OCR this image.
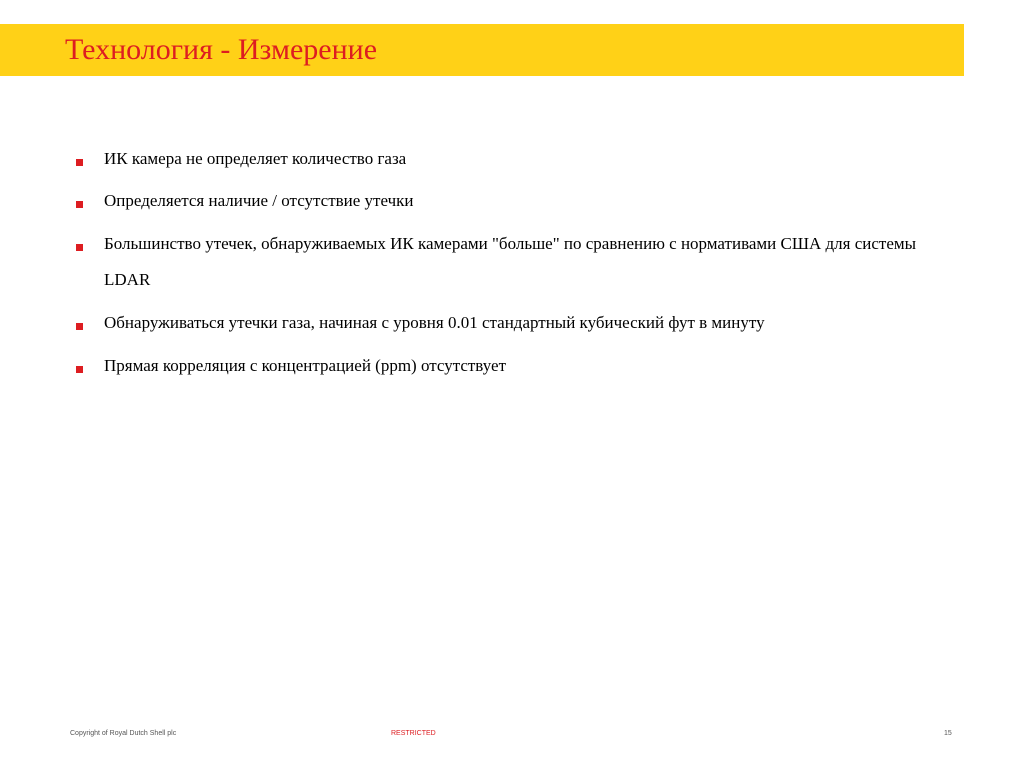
Технология - Измерение
ИК камера не определяет количество газа
Определяется наличие / отсутствие утечки
Большинство утечек, обнаруживаемых ИК камерами "больше" по сравнению с нормативами США для системы LDAR
Обнаруживаться утечки газа, начиная с уровня 0.01 стандартный кубический фут в минуту
Прямая корреляция с концентрацией (ppm) отсутствует
Copyright of Royal Dutch Shell plc	RESTRICTED	15
